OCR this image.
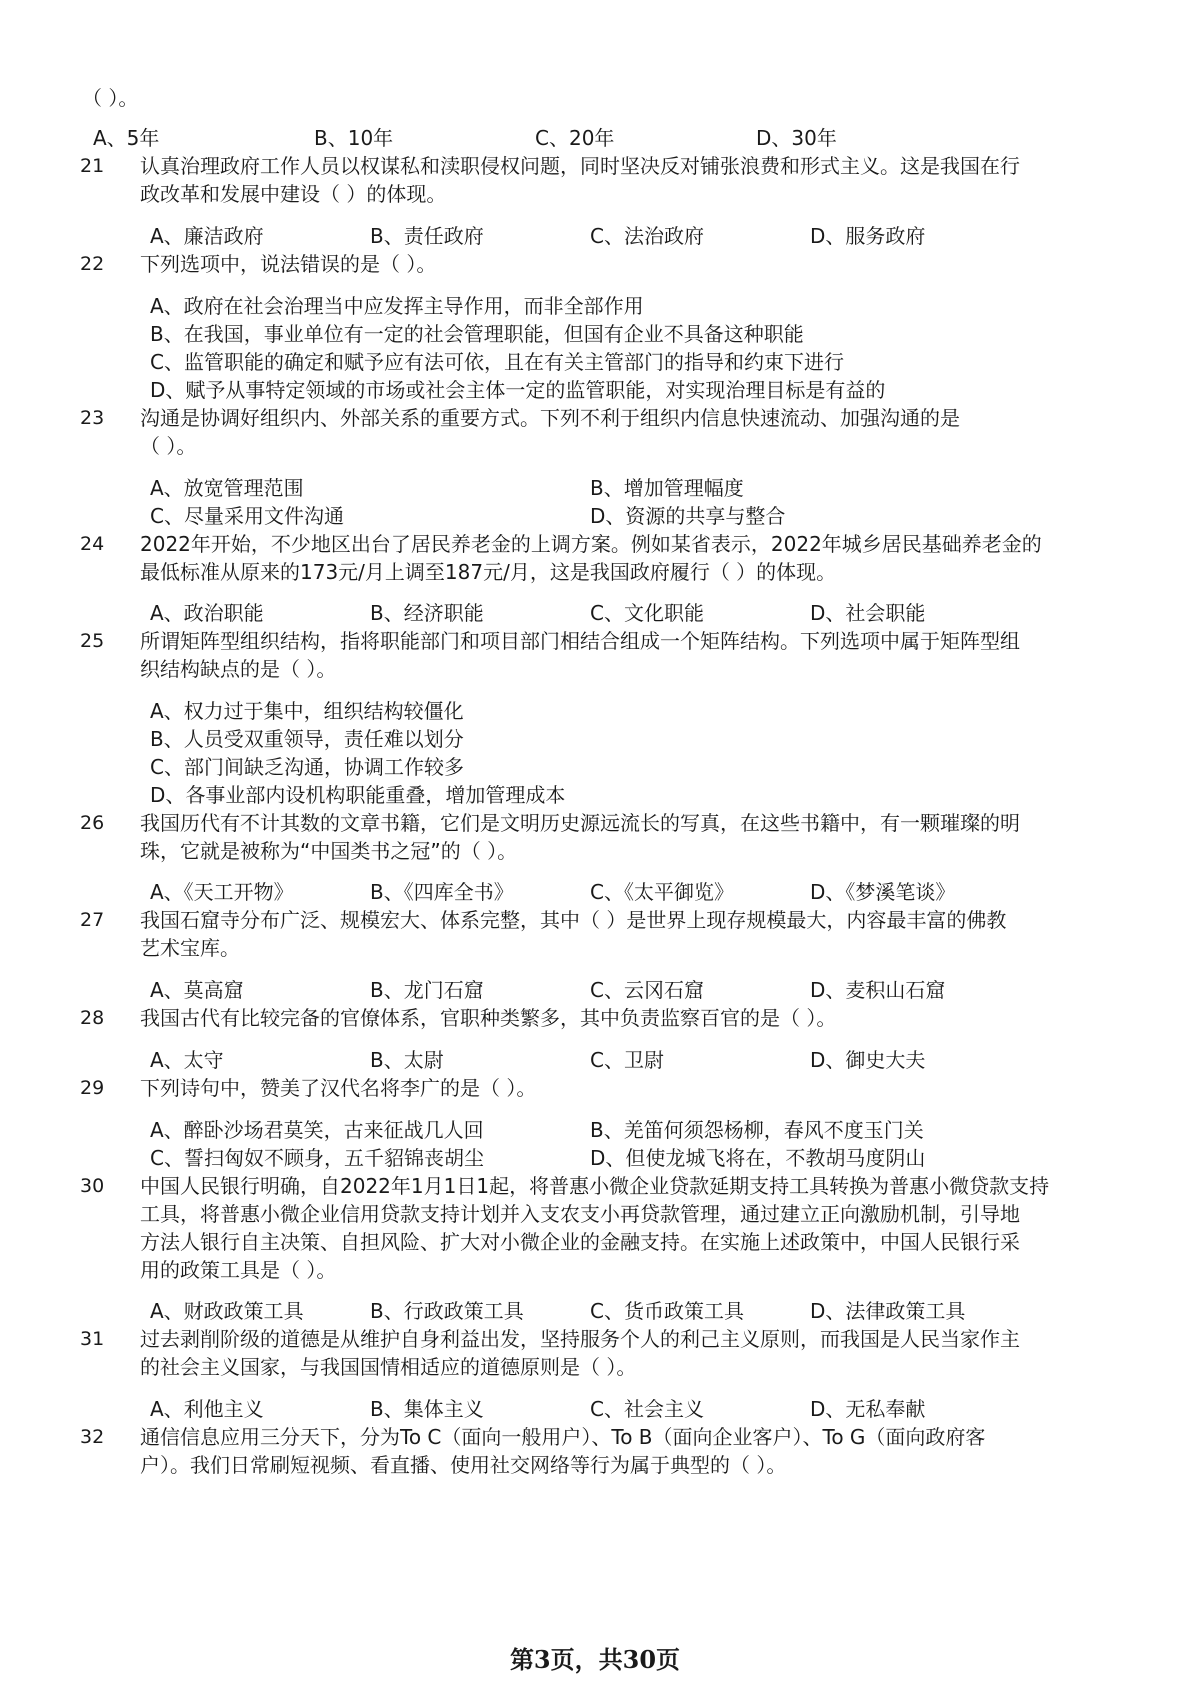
（ ）。
A、5年	B、10年	C、20年	D、30年
21 认真治理政府工作人员以权谋私和渎职侵权问题，同时坚决反对铺张浪费和形式主义。这是我国在行
政改革和发展中建设（ ）的体现。
A、廉洁政府	B、责任政府	C、法治政府	D、服务政府
22 下列选项中，说法错误的是（ ）。
A、政府在社会治理当中应发挥主导作用，而非全部作用
B、在我国，事业单位有一定的社会管理职能，但国有企业不具备这种职能
C、监管职能的确定和赋予应有法可依，且在有关主管部门的指导和约束下进行
D、赋予从事特定领域的市场或社会主体一定的监管职能，对实现治理目标是有益的
23 沟通是协调好组织内、外部关系的重要方式。下列不利于组织内信息快速流动、加强沟通的是
（ ）。
A、放宽管理范围	B、增加管理幅度
C、尽量采用文件沟通	D、资源的共享与整合
24 2022年开始，不少地区出台了居民养老金的上调方案。例如某省表示，2022年城乡居民基础养老金的
最低标准从原来的173元/月上调至187元/月，这是我国政府履行（ ）的体现。
A、政治职能	B、经济职能	C、文化职能	D、社会职能
25 所谓矩阵型组织结构，指将职能部门和项目部门相结合组成一个矩阵结构。下列选项中属于矩阵型组
织结构缺点的是（ ）。
A、权力过于集中，组织结构较僵化
B、人员受双重领导，责任难以划分
C、部门间缺乏沟通，协调工作较多
D、各事业部内设机构职能重叠，增加管理成本
26 我国历代有不计其数的文章书籍，它们是文明历史源远流长的写真，在这些书籍中，有一颗璀璨的明
珠，它就是被称为“中国类书之冠”的（ ）。
A、《天工开物》	B、《四库全书》	C、《太平御览》	D、《梦溪笔谈》
27 我国石窟寺分布广泛、规模宏大、体系完整，其中（ ）是世界上现存规模最大，内容最丰富的佛教
艺术宝库。
A、莫高窟	B、龙门石窟	C、云冈石窟	D、麦积山石窟
28 我国古代有比较完备的官僚体系，官职种类繁多，其中负责监察百官的是（ ）。
A、太守	B、太尉	C、卫尉	D、御史大夫
29 下列诗句中，赞美了汉代名将李广的是（ ）。
A、醉卧沙场君莫笑，古来征战几人回	B、羌笛何须怨杨柳，春风不度玉门关
C、誓扫匈奴不顾身，五千貂锦丧胡尘	D、但使龙城飞将在，不教胡马度阴山
30 中国人民银行明确，自2022年1月1日1起，将普惠小微企业贷款延期支持工具转换为普惠小微贷款支持
工具，将普惠小微企业信用贷款支持计划并入支农支小再贷款管理，通过建立正向激励机制，引导地
方法人银行自主决策、自担风险、扩大对小微企业的金融支持。在实施上述政策中，中国人民银行采
用的政策工具是（ ）。
A、财政政策工具	B、行政政策工具	C、货币政策工具	D、法律政策工具
31 过去剥削阶级的道德是从维护自身利益出发，坚持服务个人的利己主义原则，而我国是人民当家作主
的社会主义国家，与我国国情相适应的道德原则是（ ）。
A、利他主义	B、集体主义	C、社会主义	D、无私奉献
32 通信信息应用三分天下，分为To C（面向一般用户）、To B（面向企业客户）、To G（面向政府客
户）。我们日常刷短视频、看直播、使用社交网络等行为属于典型的（ ）。
第3页，共30页
